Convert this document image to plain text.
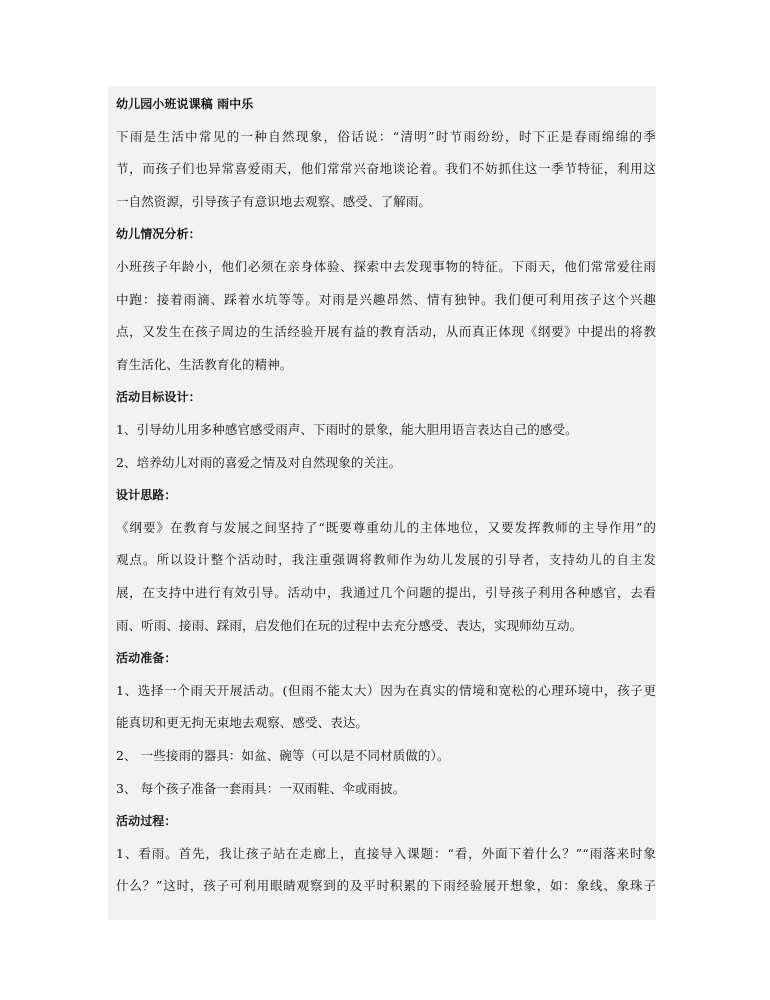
幼儿园小班说课稿 雨中乐
下雨是生活中常见的一种自然现象，俗话说：“清明”时节雨纷纷，时下正是春雨绵绵的季
节，而孩子们也异常喜爱雨天，他们常常兴奋地谈论着。我们不妨抓住这一季节特征，利用这
一自然资源，引导孩子有意识地去观察、感受、了解雨。
幼儿情况分析：
小班孩子年龄小，他们必须在亲身体验、探索中去发现事物的特征。下雨天，他们常常爱往雨
中跑：接着雨滴、踩着水坑等等。对雨是兴趣昂然、情有独钟。我们便可利用孩子这个兴趣
点，又发生在孩子周边的生活经验开展有益的教育活动，从而真正体现《纲要》中提出的将教
育生活化、生活教育化的精神。
活动目标设计：
1、引导幼儿用多种感官感受雨声、下雨时的景象，能大胆用语言表达自己的感受。
2、培养幼儿对雨的喜爱之情及对自然现象的关注。
设计思路：
《纲要》在教育与发展之间坚持了“既要尊重幼儿的主体地位，又要发挥教师的主导作用”的
观点。所以设计整个活动时，我注重强调将教师作为幼儿发展的引导者，支持幼儿的自主发
展，在支持中进行有效引导。活动中，我通过几个问题的提出，引导孩子利用各种感官，去看
雨、听雨、接雨、踩雨，启发他们在玩的过程中去充分感受、表达，实现师幼互动。
活动准备：
1、选择一个雨天开展活动。(但雨不能太大）因为在真实的情境和宽松的心理环境中，孩子更
能真切和更无拘无束地去观察、感受、表达。
2、 一些接雨的器具：如盆、碗等（可以是不同材质做的）。
3、 每个孩子准备一套雨具：一双雨鞋、伞或雨披。
活动过程：
1、看雨。首先，我让孩子站在走廊上，直接导入课题：“看，外面下着什么？”“雨落来时象
什么？”这时，孩子可利用眼睛观察到的及平时积累的下雨经验展开想象，如：象线、象珠子
